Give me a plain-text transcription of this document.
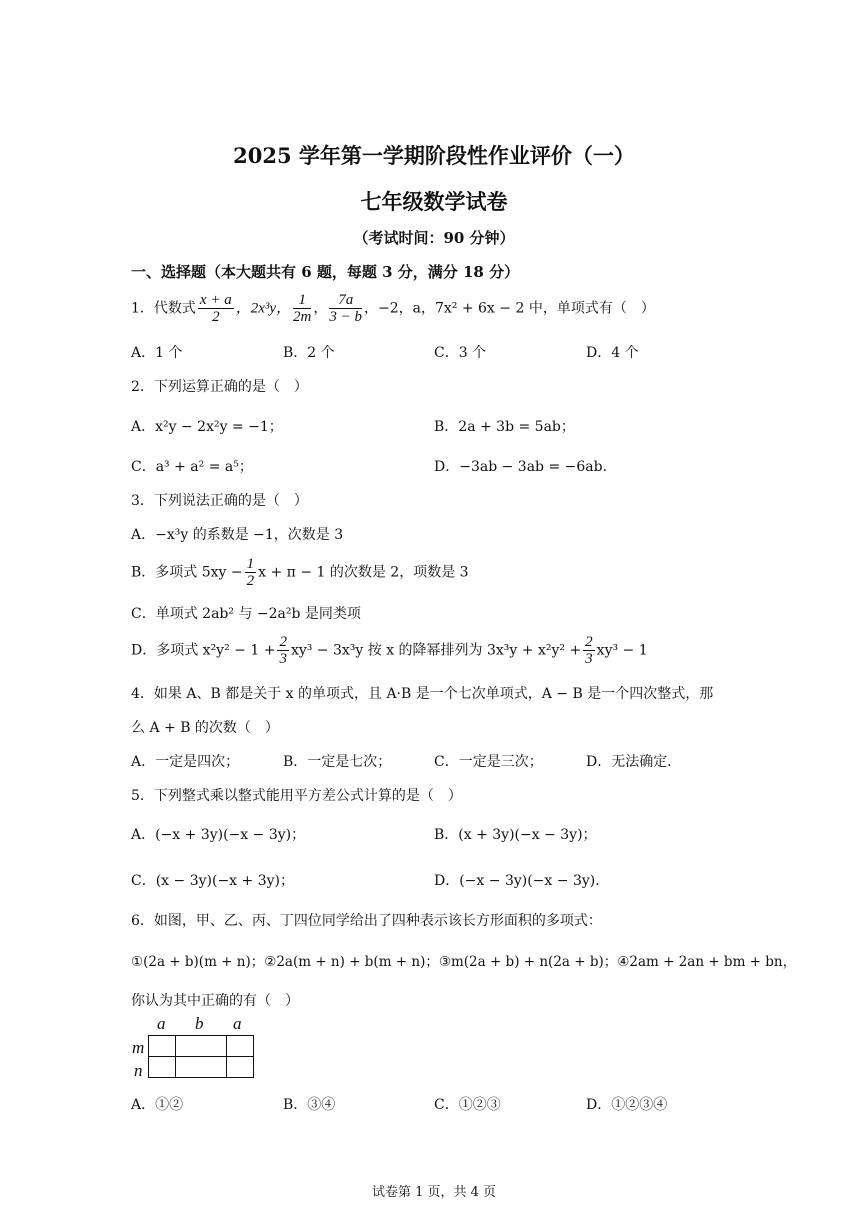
2025 学年第一学期阶段性作业评价（一）
七年级数学试卷
（考试时间：90 分钟）
一、选择题（本大题共有 6 题，每题 3 分，满分 18 分）
1．代数式 $\frac{x + a}{2}$ ，2x³y， $\frac{1}{2m}$ ， $\frac{7a}{3 - b}$ ，−2，a，7x² + 6x − 2 中，单项式有（　）
A．1 个	B．2 个	C．3 个	D．4 个
2．下列运算正确的是（　）
A．x²y − 2x²y = −1；	B．2a + 3b = 5ab；
C．a³ + a² = a⁵；	D．−3ab − 3ab = −6ab．
3．下列说法正确的是（　）
A．−x³y 的系数是 −1，次数是 3
B．多项式 $5xy - \frac{1}{2}$ x + π − 1 的次数是 2，项数是 3
C．单项式 2ab² 与 −2a²b 是同类项
D．多项式 $x^2y^2 - 1 + \frac{2}{3} xy^3 - 3x^3y$ 按 x 的降幂排列为 $3x^3y + x^2y^2 + \frac{2}{3} xy^3 - 1$
4．如果 A、B 都是关于 x 的单项式，且 A·B 是一个七次单项式，A − B 是一个四次整式，那
么 A + B 的次数（　）
A．一定是四次；	B．一定是七次；	C．一定是三次；	D．无法确定．
5．下列整式乘以整式能用平方差公式计算的是（　）
A．(−x + 3y)(−x − 3y)；	B．(x + 3y)(−x − 3y)；
C．(x − 3y)(−x + 3y)；	D．(−x − 3y)(−x − 3y)．
6．如图，甲、乙、丙、丁四位同学给出了四种表示该长方形面积的多项式：
①(2a + b)(m + n)；②2a(m + n) + b(m + n)；③m(2a + b) + n(2a + b)；④2am + 2an + bm + bn，
你认为其中正确的有（　）
a b a
m
n

A．①②	B．③④	C．①②③	D．①②③④
试卷第 1 页，共 4 页
